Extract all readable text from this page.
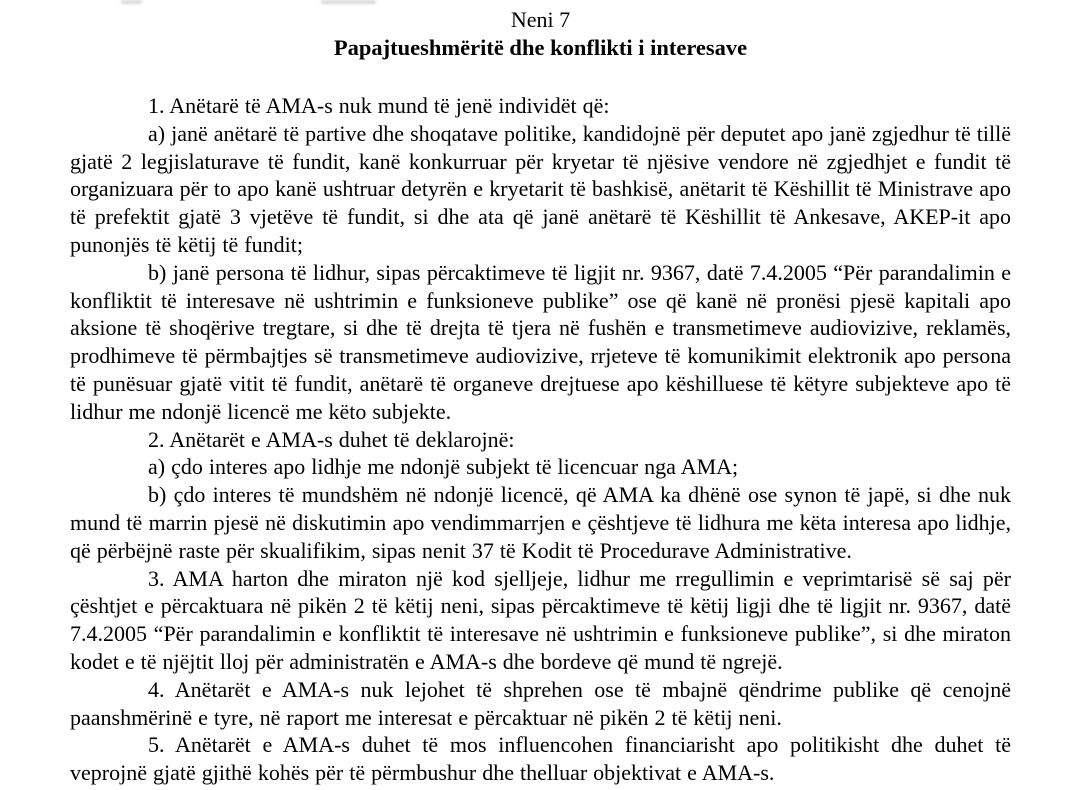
Neni 7
Papajtueshmëritë dhe konflikti i interesave

1. Anëtarë të AMA-s nuk mund të jenë individët që:

a) janë anëtarë të partive dhe shoqatave politike, kandidojnë për deputet apo janë zgjedhur të tillë gjatë 2 legjislaturave të fundit, kanë konkurruar për kryetar të njësive vendore në zgjedhjet e fundit të organizuara për to apo kanë ushtruar detyrën e kryetarit të bashkisë, anëtarit të Këshillit të Ministrave apo të prefektit gjatë 3 vjetëve të fundit, si dhe ata që janë anëtarë të Këshillit të Ankesave, AKEP-it apo punonjës të këtij të fundit;

b) janë persona të lidhur, sipas përcaktimeve të ligjit nr. 9367, datë 7.4.2005 “Për parandalimin e konfliktit të interesave në ushtrimin e funksioneve publike” ose që kanë në pronësi pjesë kapitali apo aksione të shoqërive tregtare, si dhe të drejta të tjera në fushën e transmetimeve audiovizive, reklamës, prodhimeve të përmbajtjes së transmetimeve audiovizive, rrjeteve të komunikimit elektronik apo persona të punësuar gjatë vitit të fundit, anëtarë të organeve drejtuese apo këshilluese të këtyre subjekteve apo të lidhur me ndonjë licencë me këto subjekte.

2. Anëtarët e AMA-s duhet të deklarojnë:

a) çdo interes apo lidhje me ndonjë subjekt të licencuar nga AMA;

b) çdo interes të mundshëm në ndonjë licencë, që AMA ka dhënë ose synon të japë, si dhe nuk mund të marrin pjesë në diskutimin apo vendimmarrjen e çështjeve të lidhura me këta interesa apo lidhje, që përbëjnë raste për skualifikim, sipas nenit 37 të Kodit të Procedurave Administrative.

3. AMA harton dhe miraton një kod sjelljeje, lidhur me rregullimin e veprimtarisë së saj për çështjet e përcaktuara në pikën 2 të këtij neni, sipas përcaktimeve të këtij ligji dhe të ligjit nr. 9367, datë 7.4.2005 “Për parandalimin e konfliktit të interesave në ushtrimin e funksioneve publike”, si dhe miraton kodet e të njëjtit lloj për administratën e AMA-s dhe bordeve që mund të ngrejë.

4. Anëtarët e AMA-s nuk lejohet të shprehen ose të mbajnë qëndrime publike që cenojnë paanshmërinë e tyre, në raport me interesat e përcaktuar në pikën 2 të këtij neni.

5. Anëtarët e AMA-s duhet të mos influencohen financiarisht apo politikisht dhe duhet të veprojnë gjatë gjithë kohës për të përmbushur dhe thelluar objektivat e AMA-s.
